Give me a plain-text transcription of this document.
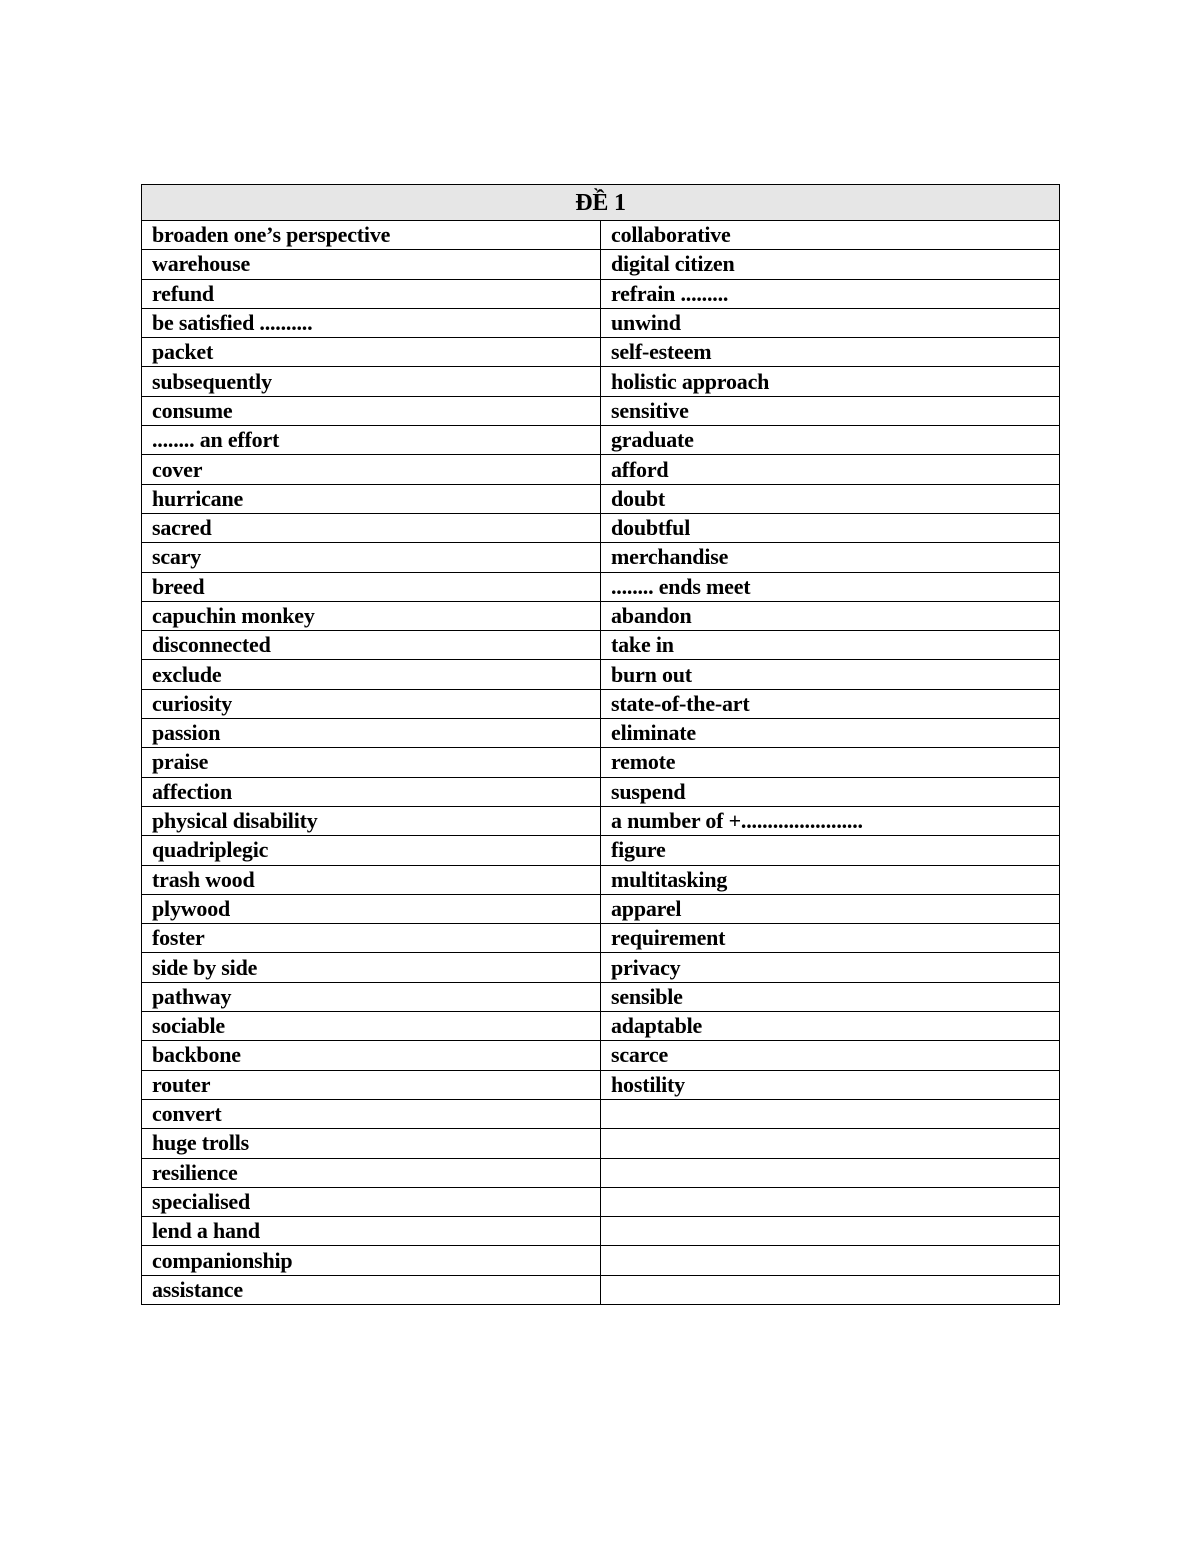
ĐỀ 1	
broaden one’s perspective	collaborative
warehouse	digital citizen
refund	refrain .........
be satisfied ..........	unwind
packet	self-esteem
subsequently	holistic approach
consume	sensitive
........ an effort	graduate
cover	afford
hurricane	doubt
sacred	doubtful
scary	merchandise
breed	........ ends meet
capuchin monkey	abandon
disconnected	take in
exclude	burn out
curiosity	state-of-the-art
passion	eliminate
praise	remote
affection	suspend
physical disability	a number of +.......................
quadriplegic	figure
trash wood	multitasking
plywood	apparel
foster	requirement
side by side	privacy
pathway	sensible
sociable	adaptable
backbone	scarce
router	hostility
convert	
huge trolls	
resilience	
specialised	
lend a hand	
companionship	
assistance	
